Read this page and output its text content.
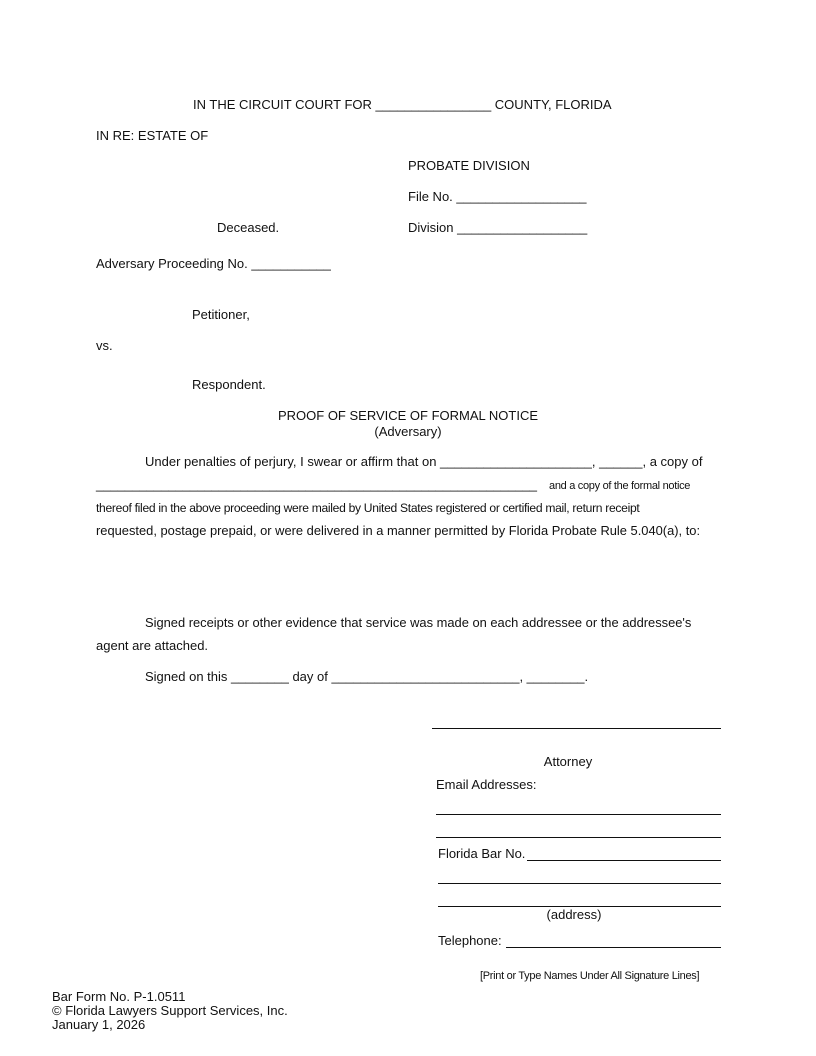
IN THE CIRCUIT COURT FOR ________________ COUNTY, FLORIDA
IN RE: ESTATE OF
PROBATE DIVISION
File No. __________________
Deceased.	Division __________________
Adversary Proceeding No. ___________
Petitioner,
vs.
Respondent.
PROOF OF SERVICE OF FORMAL NOTICE
(Adversary)
Under penalties of perjury, I swear or affirm that on _____________________, ______, a copy of
_____________________________________________________________ and a copy of the formal notice
thereof filed in the above proceeding were mailed by United States registered or certified mail, return receipt
requested, postage prepaid, or were delivered in a manner permitted by Florida Probate Rule 5.040(a), to:
Signed receipts or other evidence that service was made on each addressee or the addressee's
agent are attached.
Signed on this ________ day of __________________________, ________.
Attorney
Email Addresses:
Florida Bar No.
(address)
Telephone:
[Print or Type Names Under All Signature Lines]
Bar Form No. P-1.0511
© Florida Lawyers Support Services, Inc.
January 1, 2026
